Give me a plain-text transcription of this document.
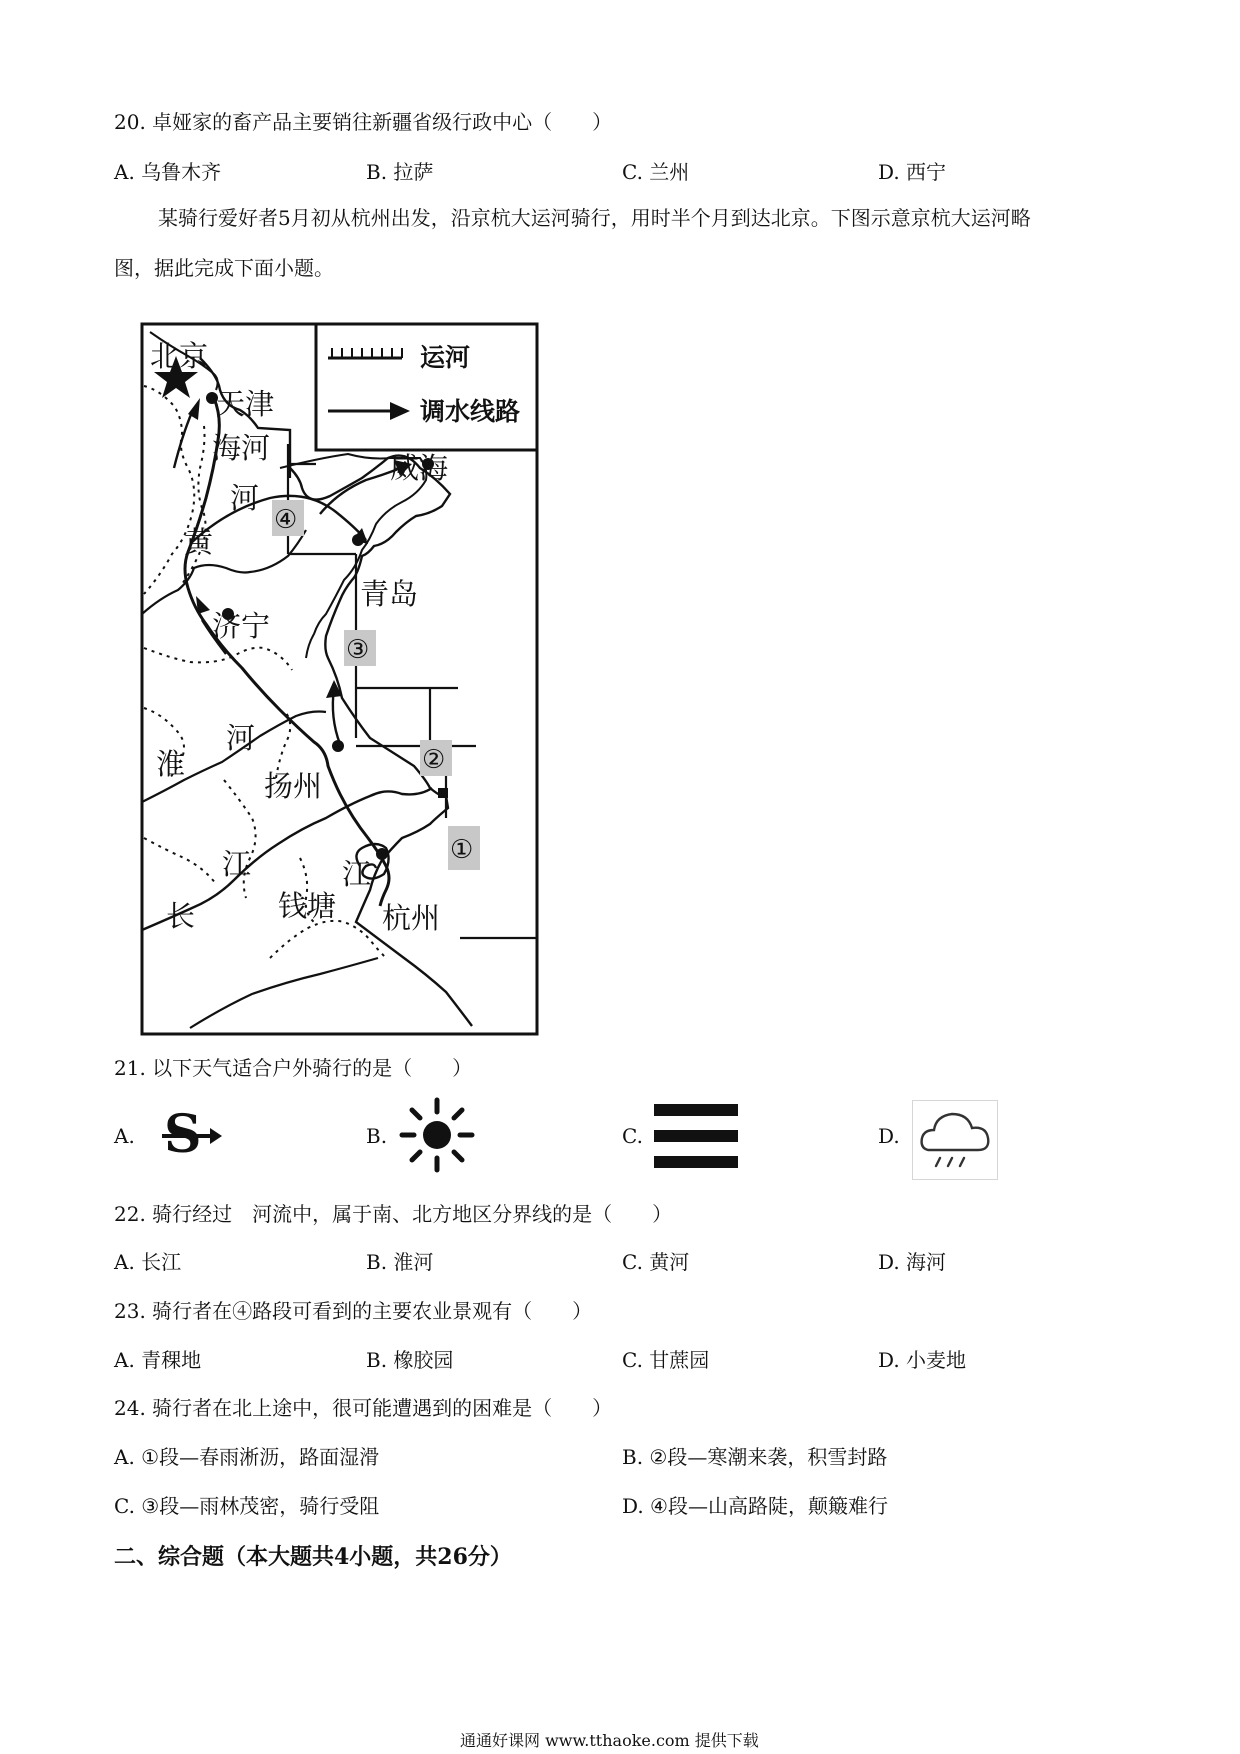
20. 卓娅家的畜产品主要销往新疆省级行政中心（　　）
A. 乌鲁木齐	B. 拉萨	C. 兰州	D. 西宁
某骑行爱好者5月初从杭州出发，沿京杭大运河骑行，用时半个月到达北京。下图示意京杭大运河略
图，据此完成下面小题。
运河
调水线路
北京
天津
威海
青岛
济宁
扬州
杭州
海河
河
黄
河
淮
江
长
江
钱塘
④
③
②
①
21. 以下天气适合户外骑行的是（　　）
A. S	B.	C.	D.
22. 骑行经过　河流中，属于南、北方地区分界线的是（　　）
A. 长江	B. 淮河	C. 黄河	D. 海河
23. 骑行者在④路段可看到的主要农业景观有（　　）
A. 青稞地	B. 橡胶园	C. 甘蔗园	D. 小麦地
24. 骑行者在北上途中，很可能遭遇到的困难是（　　）
A. ①段—春雨淅沥，路面湿滑	B. ②段—寒潮来袭，积雪封路
C. ③段—雨林茂密，骑行受阻	D. ④段—山高路陡，颠簸难行
二、综合题（本大题共4小题，共26分）
通通好课网 www.tthaoke.com 提供下载
